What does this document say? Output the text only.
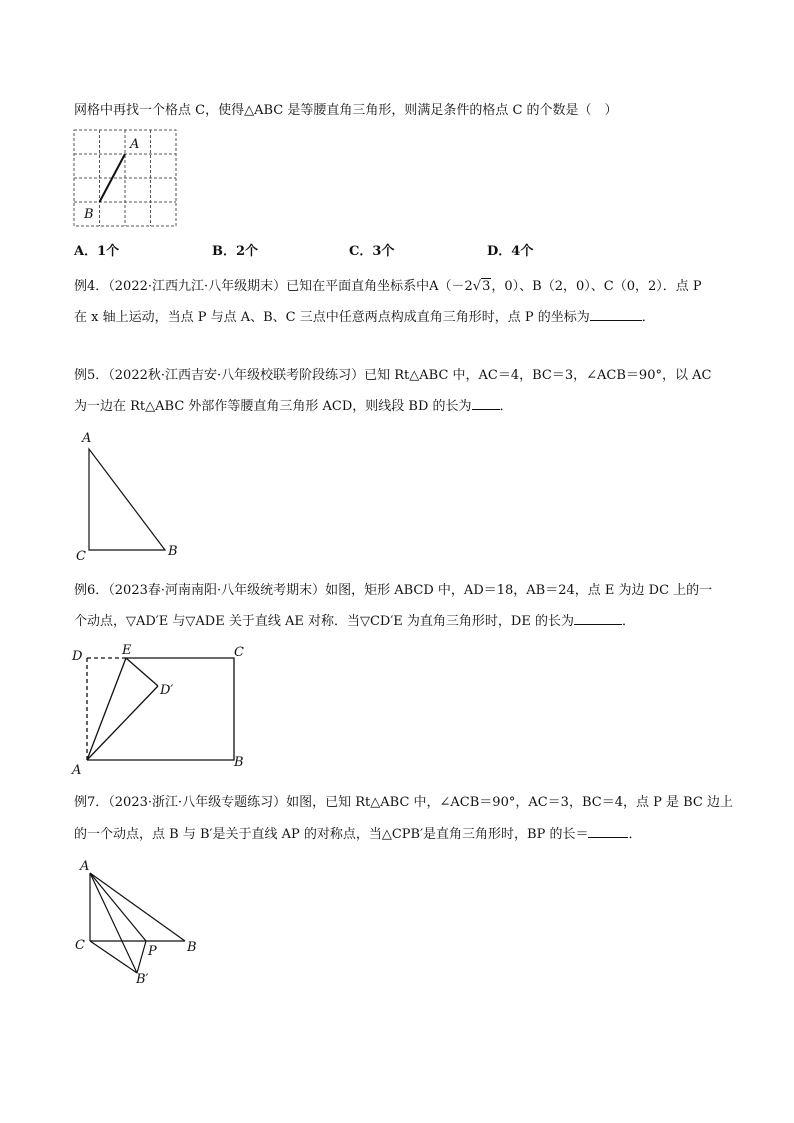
网格中再找一个格点 C，使得△ABC 是等腰直角三角形，则满足条件的格点 C 的个数是（　）

A
B
A．1个	B．2个	C．3个	D．4个

例4．（2022·江西九江·八年级期末）已知在平面直角坐标系中A（－2√3，0）、B（2，0）、C（0，2）．点 P

在 x 轴上运动，当点 P 与点 A、B、C 三点中任意两点构成直角三角形时，点 P 的坐标为	．

例5．（2022秋·江西吉安·八年级校联考阶段练习）已知 Rt△ABC 中，AC＝4，BC＝3，∠ACB＝90°，以 AC

为一边在 Rt△ABC 外部作等腰直角三角形 ACD，则线段 BD 的长为 ．

A
C	B

例6．（2023春·河南南阳·八年级统考期末）如图，矩形 ABCD 中，AD＝18，AB＝24，点 E 为边 DC 上的一

个动点，▽AD′E 与▽ADE 关于直线 AE 对称．当▽CD′E 为直角三角形时，DE 的长为	．

D	E	C
D′
A
B

例7．（2023·浙江·八年级专题练习）如图，已知 Rt△ABC 中，∠ACB＝90°，AC＝3，BC＝4，点 P 是 BC 边上

的一个动点，点 B 与 B′是关于直线 AP 的对称点，当△CPB′是直角三角形时，BP 的长＝	．

A
C	P B
B′
